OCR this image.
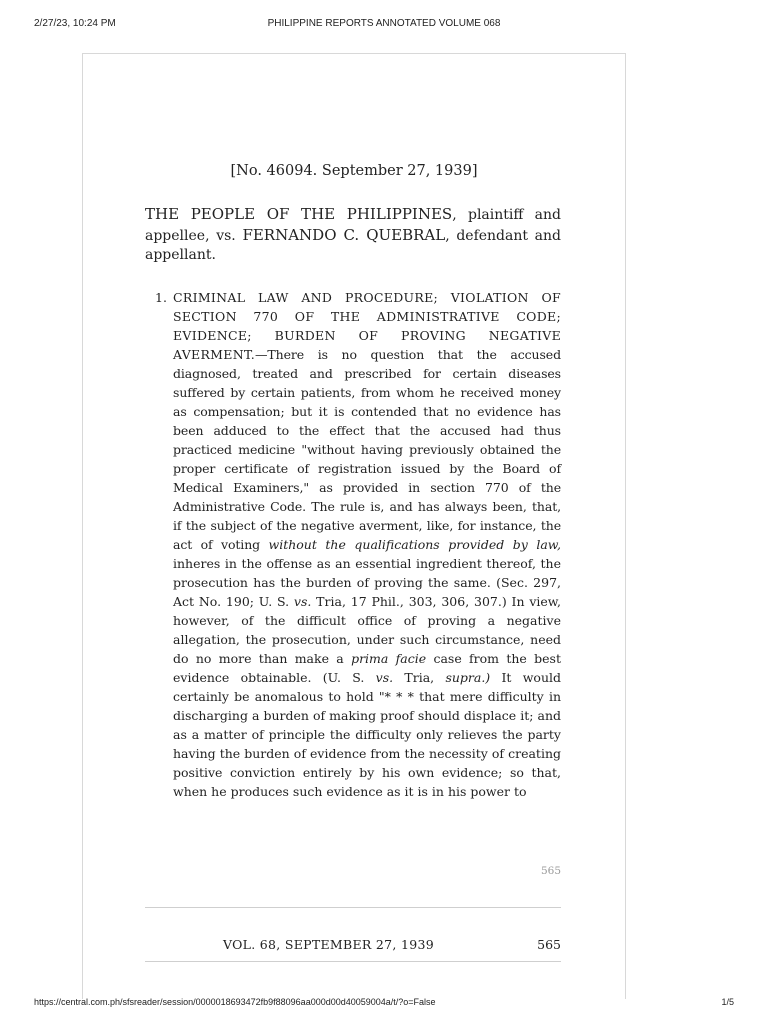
2/27/23, 10:24 PM	PHILIPPINE REPORTS ANNOTATED VOLUME 068
[No. 46094. September 27, 1939]
THE PEOPLE OF THE PHILIPPINES, plaintiff and appellee, vs. FERNANDO C. QUEBRAL, defendant and appellant.
1. CRIMINAL LAW AND PROCEDURE; VIOLATION OF SECTION 770 OF THE ADMINISTRATIVE CODE; EVIDENCE; BURDEN OF PROVING NEGATIVE AVERMENT.—There is no question that the accused diagnosed, treated and prescribed for certain diseases suffered by certain patients, from whom he received money as compensation; but it is contended that no evidence has been adduced to the effect that the accused had thus practiced medicine "without having previously obtained the proper certificate of registration issued by the Board of Medical Examiners," as provided in section 770 of the Administrative Code. The rule is, and has always been, that, if the subject of the negative averment, like, for instance, the act of voting without the qualifications provided by law, inheres in the offense as an essential ingredient thereof, the prosecution has the burden of proving the same. (Sec. 297, Act No. 190; U. S. vs. Tria, 17 Phil., 303, 306, 307.) In view, however, of the difficult office of proving a negative allegation, the prosecution, under such circumstance, need do no more than make a prima facie case from the best evidence obtainable. (U. S. vs. Tria, supra.) It would certainly be anomalous to hold "* * * that mere difficulty in discharging a burden of making proof should displace it; and as a matter of principle the difficulty only relieves the party having the burden of evidence from the necessity of creating positive conviction entirely by his own evidence; so that, when he produces such evidence as it is in his power to
565
VOL. 68, SEPTEMBER 27, 1939	565
https://central.com.ph/sfsreader/session/0000018693472fb9f88096aa000d00d40059004a/t/?o=False	1/5
